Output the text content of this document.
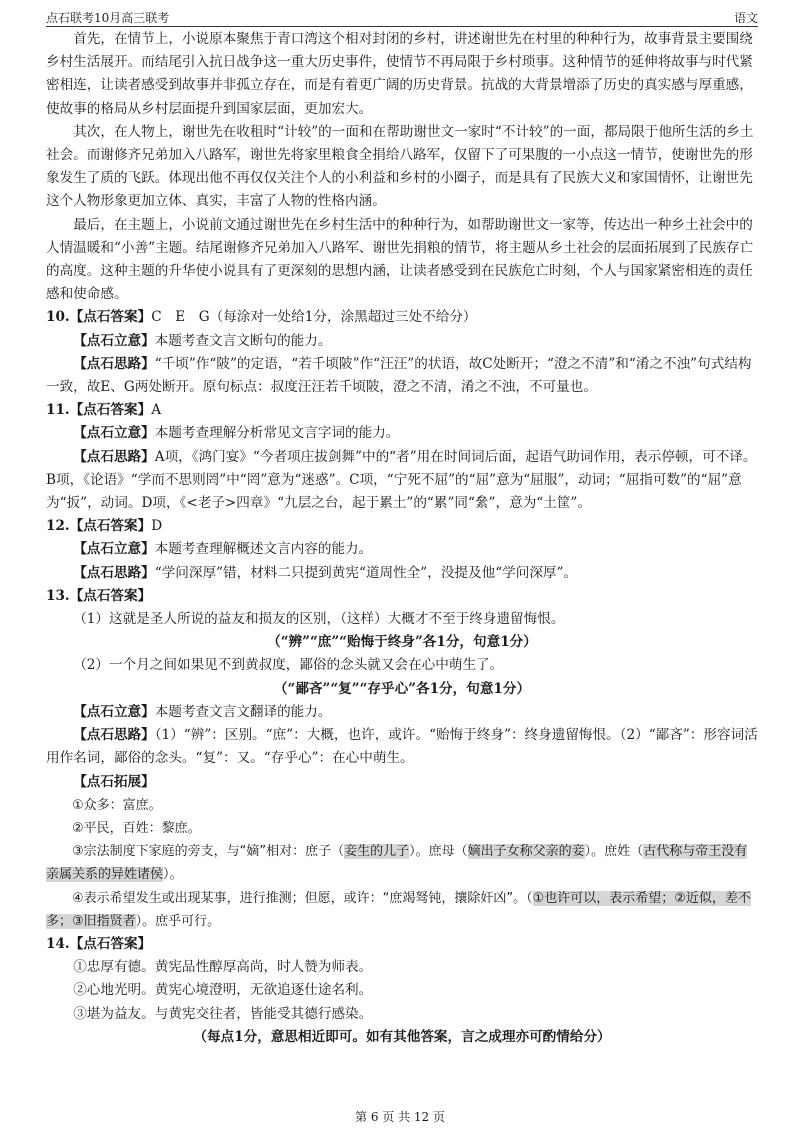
点石联考10月高三联考	语文

首先，在情节上，小说原本聚焦于青口湾这个相对封闭的乡村，讲述谢世先在村里的种种行为，故事背景主要围绕乡村生活展开。而结尾引入抗日战争这一重大历史事件，使情节不再局限于乡村琐事。这种情节的延伸将故事与时代紧密相连，让读者感受到故事并非孤立存在，而是有着更广阔的历史背景。抗战的大背景增添了历史的真实感与厚重感，使故事的格局从乡村层面提升到国家层面，更加宏大。

其次，在人物上，谢世先在收租时“计较”的一面和在帮助谢世文一家时“不计较”的一面，都局限于他所生活的乡土社会。而谢修齐兄弟加入八路军，谢世先将家里粮食全捐给八路军，仅留下了可果腹的一小点这一情节，使谢世先的形象发生了质的飞跃。体现出他不再仅仅关注个人的小利益和乡村的小圈子，而是具有了民族大义和家国情怀，让谢世先这个人物形象更加立体、真实，丰富了人物的性格内涵。

最后，在主题上，小说前文通过谢世先在乡村生活中的种种行为，如帮助谢世文一家等，传达出一种乡土社会中的人情温暖和“小善”主题。结尾谢修齐兄弟加入八路军、谢世先捐粮的情节，将主题从乡土社会的层面拓展到了民族存亡的高度。这种主题的升华使小说具有了更深刻的思想内涵，让读者感受到在民族危亡时刻，个人与国家紧密相连的责任感和使命感。

10.【点石答案】C　E　G（每涂对一处给1分，涂黑超过三处不给分）

【点石立意】本题考查文言文断句的能力。

【点石思路】“千顷”作“陂”的定语，“若千顷陂”作“汪汪”的状语，故C处断开；“澄之不清”和“淆之不浊”句式结构一致，故E、G两处断开。原句标点：叔度汪汪若千顷陂，澄之不清，淆之不浊，不可量也。

11.【点石答案】A

【点石立意】本题考查理解分析常见文言字词的能力。

【点石思路】A项，《鸿门宴》“今者项庄拔剑舞”中的“者”用在时间词后面，起语气助词作用，表示停顿，可不译。B项，《论语》“学而不思则罔”中“罔”意为“迷惑”。C项，“宁死不屈”的“屈”意为“屈服”，动词；“屈指可数”的“屈”意为“扳”，动词。D项，《<老子>四章》“九层之台，起于累土”的“累”同“絫”，意为“土筐”。

12.【点石答案】D

【点石立意】本题考查理解概述文言内容的能力。

【点石思路】“学问深厚”错，材料二只提到黄宪“道周性全”，没提及他“学问深厚”。

13.【点石答案】

（1）这就是圣人所说的益友和损友的区别，（这样）大概才不至于终身遗留悔恨。

（“辨”“庶”“贻悔于终身”各1分，句意1分）

（2）一个月之间如果见不到黄叔度，鄙俗的念头就又会在心中萌生了。

（“鄙吝”“复”“存乎心”各1分，句意1分）

【点石立意】本题考查文言文翻译的能力。

【点石思路】（1）“辨”：区别。“庶”：大概，也许，或许。“贻悔于终身”：终身遗留悔恨。（2）“鄙吝”：形容词活用作名词，鄙俗的念头。“复”：又。“存乎心”：在心中萌生。

【点石拓展】

①众多：富庶。

②平民，百姓：黎庶。

③宗法制度下家庭的旁支，与“嫡”相对：庶子（妾生的儿子）。庶母（嫡出子女称父亲的妾）。庶姓（古代称与帝王没有亲属关系的异姓诸侯）。

④表示希望发生或出现某事，进行推测；但愿，或许：“庶竭驽钝，攘除奸凶”。（①也许可以，表示希望；②近似，差不多；③旧指贤者）。庶乎可行。

14.【点石答案】

①忠厚有德。黄宪品性醇厚高尚，时人赞为师表。

②心地光明。黄宪心境澄明，无欲追逐仕途名利。

③堪为益友。与黄宪交往者，皆能受其德行感染。

（每点1分，意思相近即可。如有其他答案，言之成理亦可酌情给分）

第 6 页 共 12 页
